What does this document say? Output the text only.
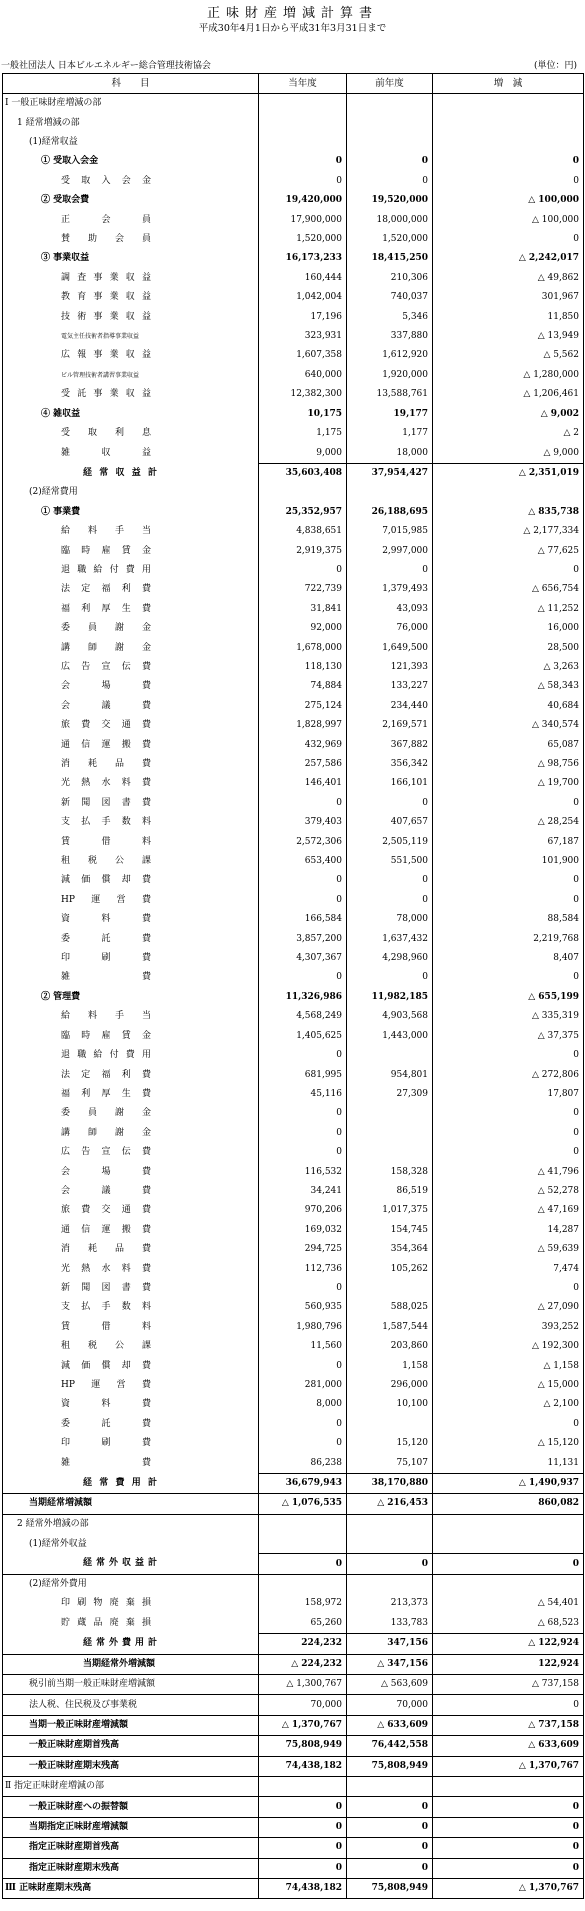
正味財産増減計算書
平成30年4月1日から平成31年3月31日まで
一般社団法人 日本ビルエネルギー総合管理技術協会	(単位：円)
科　　目	当年度	前年度	増　減
Ⅰ 一般正味財産増減の部			
1 経常増減の部			
(1)経常収益			
① 受取入会金	0	0	0
受取入会金	0	0	0
② 受取会費	19,420,000	19,520,000	△ 100,000
正会員	17,900,000	18,000,000	△ 100,000
賛助会員	1,520,000	1,520,000	0
③ 事業収益	16,173,233	18,415,250	△ 2,242,017
調査事業収益	160,444	210,306	△ 49,862
教育事業収益	1,042,004	740,037	301,967
技術事業収益	17,196	5,346	11,850
電気主任技術者指導事業収益	323,931	337,880	△ 13,949
広報事業収益	1,607,358	1,612,920	△ 5,562
ビル管理技術者講習事業収益	640,000	1,920,000	△ 1,280,000
受託事業収益	12,382,300	13,588,761	△ 1,206,461
④ 雑収益	10,175	19,177	△ 9,002
受取利息	1,175	1,177	△ 2
雑収益	9,000	18,000	△ 9,000
経常収益計	35,603,408	37,954,427	△ 2,351,019
(2)経常費用			
① 事業費	25,352,957	26,188,695	△ 835,738
給料手当	4,838,651	7,015,985	△ 2,177,334
臨時雇賃金	2,919,375	2,997,000	△ 77,625
退職給付費用	0	0	0
法定福利費	722,739	1,379,493	△ 656,754
福利厚生費	31,841	43,093	△ 11,252
委員謝金	92,000	76,000	16,000
講師謝金	1,678,000	1,649,500	28,500
広告宣伝費	118,130	121,393	△ 3,263
会場費	74,884	133,227	△ 58,343
会議費	275,124	234,440	40,684
旅費交通費	1,828,997	2,169,571	△ 340,574
通信運搬費	432,969	367,882	65,087
消耗品費	257,586	356,342	△ 98,756
光熱水料費	146,401	166,101	△ 19,700
新聞図書費	0	0	0
支払手数料	379,403	407,657	△ 28,254
賃借料	2,572,306	2,505,119	67,187
租税公課	653,400	551,500	101,900
減価償却費	0	0	0
HP運営費	0	0	0
資料費	166,584	78,000	88,584
委託費	3,857,200	1,637,432	2,219,768
印刷費	4,307,367	4,298,960	8,407
雑費	0	0	0
② 管理費	11,326,986	11,982,185	△ 655,199
給料手当	4,568,249	4,903,568	△ 335,319
臨時雇賃金	1,405,625	1,443,000	△ 37,375
退職給付費用	0		0
法定福利費	681,995	954,801	△ 272,806
福利厚生費	45,116	27,309	17,807
委員謝金	0		0
講師謝金	0		0
広告宣伝費	0		0
会場費	116,532	158,328	△ 41,796
会議費	34,241	86,519	△ 52,278
旅費交通費	970,206	1,017,375	△ 47,169
通信運搬費	169,032	154,745	14,287
消耗品費	294,725	354,364	△ 59,639
光熱水料費	112,736	105,262	7,474
新聞図書費	0		0
支払手数料	560,935	588,025	△ 27,090
賃借料	1,980,796	1,587,544	393,252
租税公課	11,560	203,860	△ 192,300
減価償却費	0	1,158	△ 1,158
HP運営費	281,000	296,000	△ 15,000
資料費	8,000	10,100	△ 2,100
委託費	0		0
印刷費	0	15,120	△ 15,120
雑費	86,238	75,107	11,131
経常費用計	36,679,943	38,170,880	△ 1,490,937
当期経常増減額	△ 1,076,535	△ 216,453	860,082
2 経常外増減の部			
(1)経常外収益			
経常外収益計	0	0	0
(2)経常外費用			
印刷物廃棄損	158,972	213,373	△ 54,401
貯蔵品廃棄損	65,260	133,783	△ 68,523
経常外費用計	224,232	347,156	△ 122,924
当期経常外増減額	△ 224,232	△ 347,156	122,924
税引前当期一般正味財産増減額	△ 1,300,767	△ 563,609	△ 737,158
法人税、住民税及び事業税	70,000	70,000	0
当期一般正味財産増減額	△ 1,370,767	△ 633,609	△ 737,158
一般正味財産期首残高	75,808,949	76,442,558	△ 633,609
一般正味財産期末残高	74,438,182	75,808,949	△ 1,370,767
Ⅱ 指定正味財産増減の部			
一般正味財産への振替額	0	0	0
当期指定正味財産増減額	0	0	0
指定正味財産期首残高	0	0	0
指定正味財産期末残高	0	0	0
Ⅲ 正味財産期末残高	74,438,182	75,808,949	△ 1,370,767
